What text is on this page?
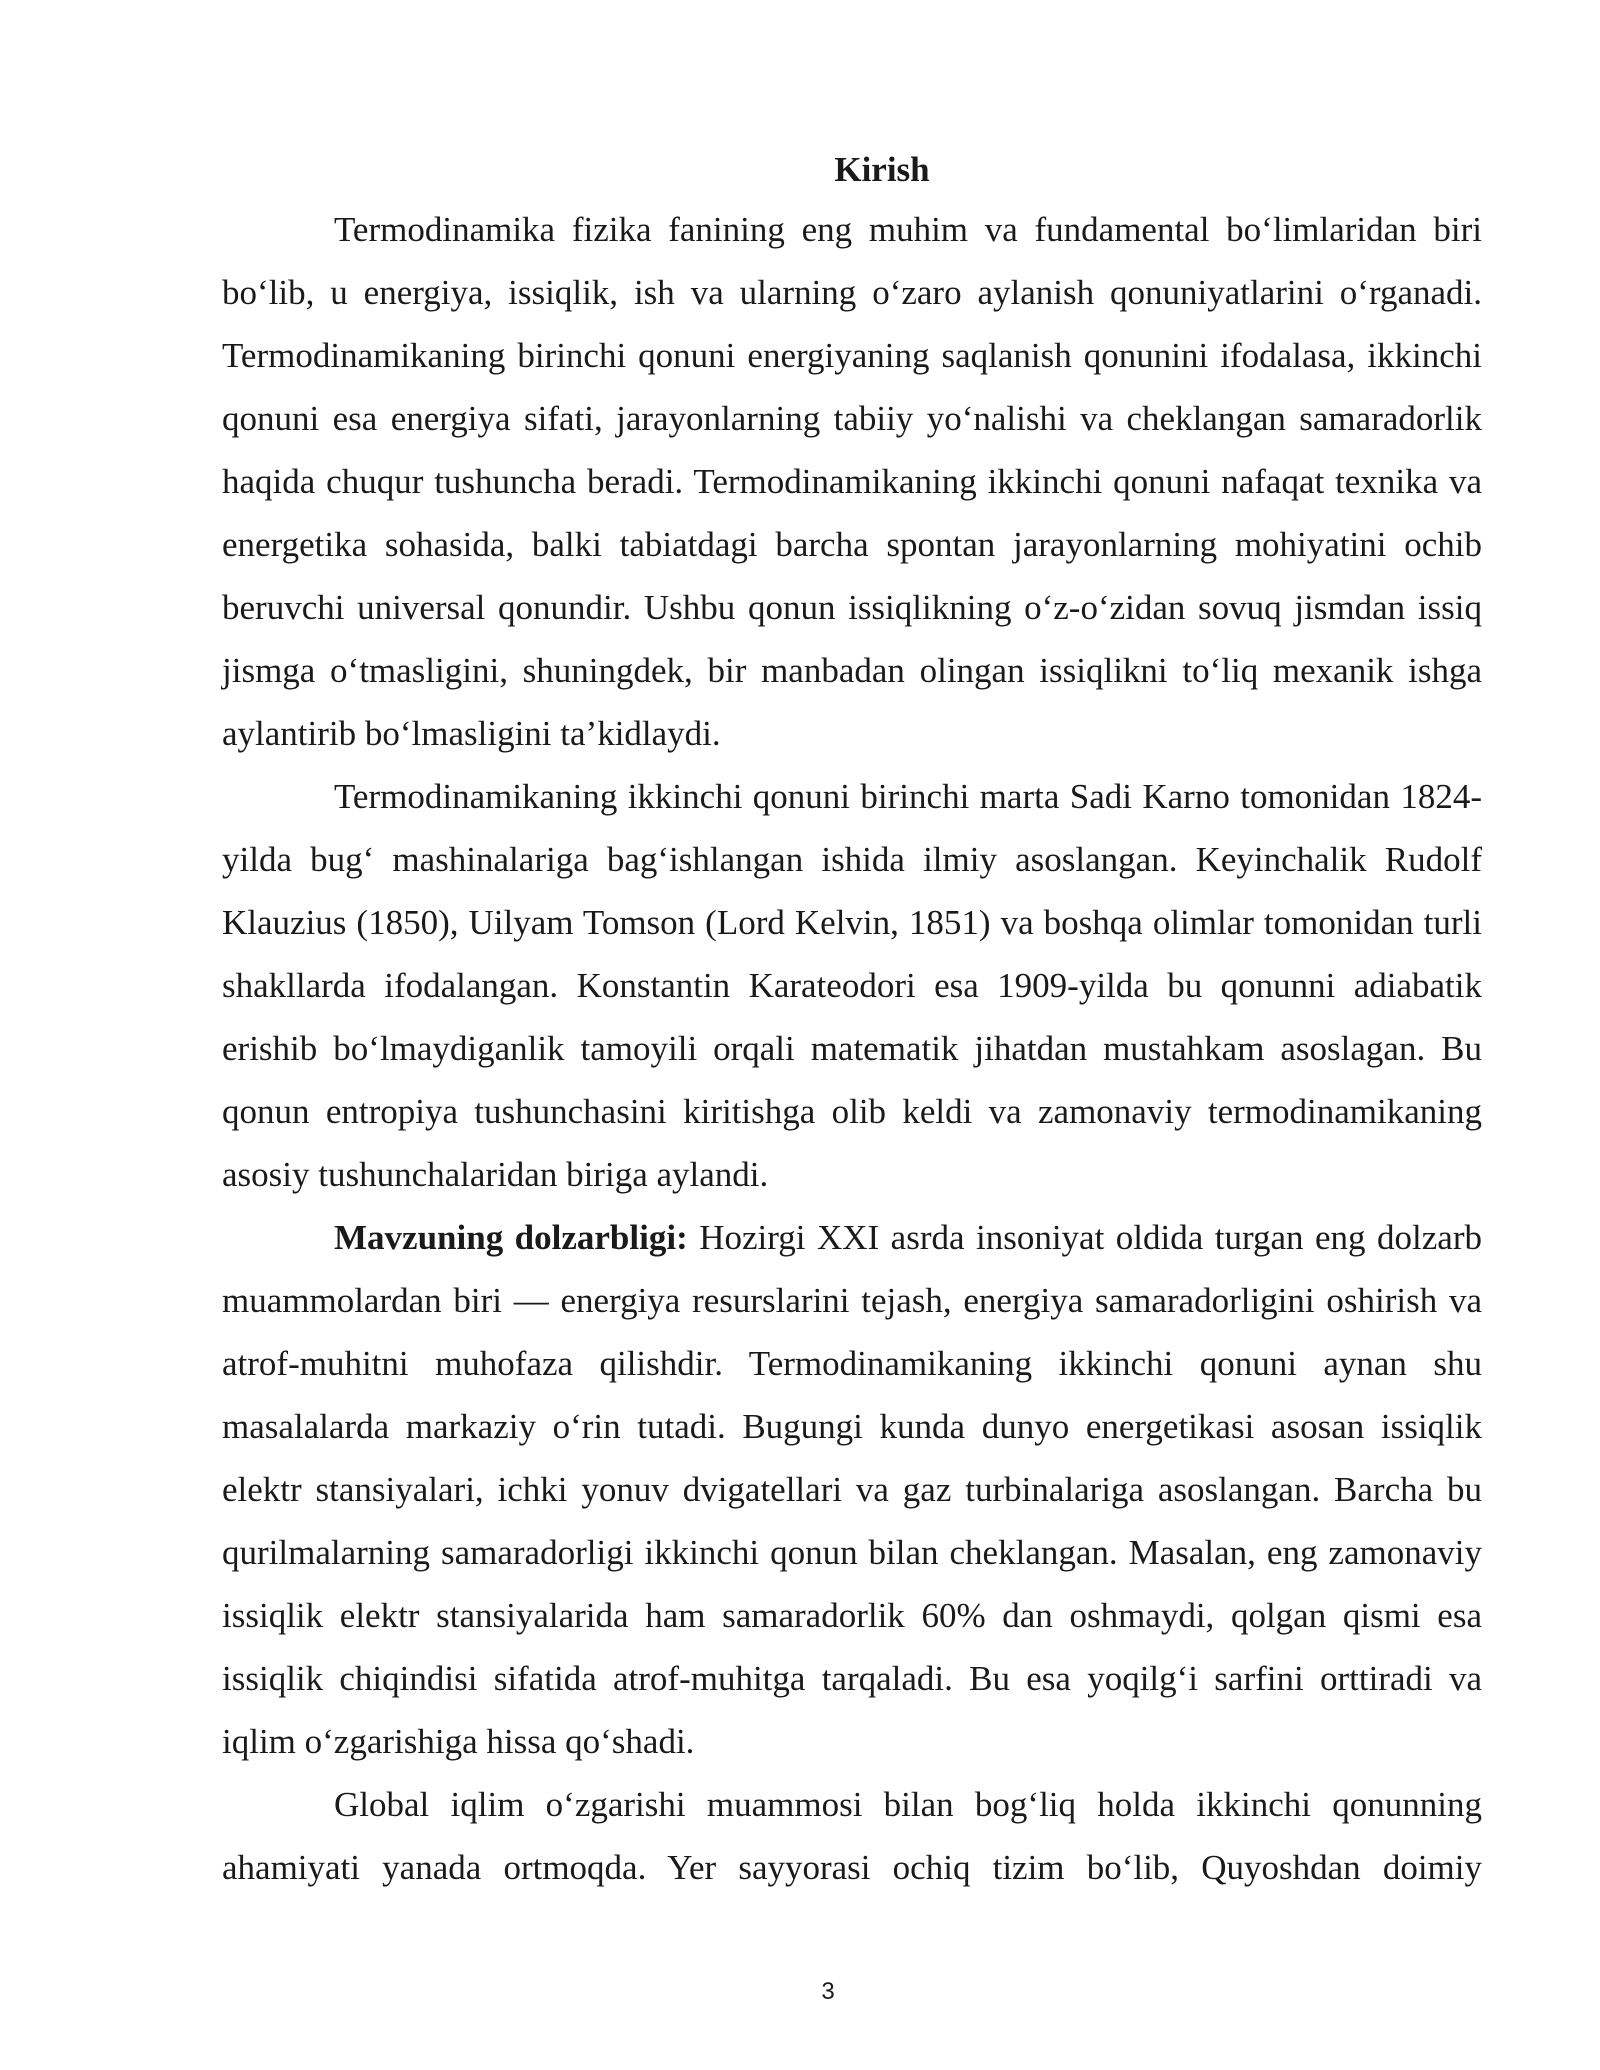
Kirish

Termodinamika fizika fanining eng muhim va fundamental bo‘limlaridan biri bo‘lib, u energiya, issiqlik, ish va ularning o‘zaro aylanish qonuniyatlarini o‘rganadi. Termodinamikaning birinchi qonuni energiyaning saqlanish qonunini ifodalasa, ikkinchi qonuni esa energiya sifati, jarayonlarning tabiiy yo‘nalishi va cheklangan samaradorlik haqida chuqur tushuncha beradi. Termodinamikaning ikkinchi qonuni nafaqat texnika va energetika sohasida, balki tabiatdagi barcha spontan jarayonlarning mohiyatini ochib beruvchi universal qonundir. Ushbu qonun issiqlikning o‘z-o‘zidan sovuq jismdan issiq jismga o‘tmasligini, shuningdek, bir manbadan olingan issiqlikni to‘liq mexanik ishga aylantirib bo‘lmasligini ta’kidlaydi.

Termodinamikaning ikkinchi qonuni birinchi marta Sadi Karno tomonidan 1824-yilda bug‘ mashinalariga bag‘ishlangan ishida ilmiy asoslangan. Keyinchalik Rudolf Klauzius (1850), Uilyam Tomson (Lord Kelvin, 1851) va boshqa olimlar tomonidan turli shakllarda ifodalangan. Konstantin Karateodori esa 1909-yilda bu qonunni adiabatik erishib bo‘lmaydiganlik tamoyili orqali matematik jihatdan mustahkam asoslagan. Bu qonun entropiya tushunchasini kiritishga olib keldi va zamonaviy termodinamikaning asosiy tushunchalaridan biriga aylandi.

Mavzuning dolzarbligi: Hozirgi XXI asrda insoniyat oldida turgan eng dolzarb muammolardan biri — energiya resurslarini tejash, energiya samaradorligini oshirish va atrof-muhitni muhofaza qilishdir. Termodinamikaning ikkinchi qonuni aynan shu masalalarda markaziy o‘rin tutadi. Bugungi kunda dunyo energetikasi asosan issiqlik elektr stansiyalari, ichki yonuv dvigatellari va gaz turbinalariga asoslangan. Barcha bu qurilmalarning samaradorligi ikkinchi qonun bilan cheklangan. Masalan, eng zamonaviy issiqlik elektr stansiyalarida ham samaradorlik 60% dan oshmaydi, qolgan qismi esa issiqlik chiqindisi sifatida atrof-muhitga tarqaladi. Bu esa yoqilg‘i sarfini orttiradi va iqlim o‘zgarishiga hissa qo‘shadi.

Global iqlim o‘zgarishi muammosi bilan bog‘liq holda ikkinchi qonunning ahamiyati yanada ortmoqda. Yer sayyorasi ochiq tizim bo‘lib, Quyoshdan doimiy

3
